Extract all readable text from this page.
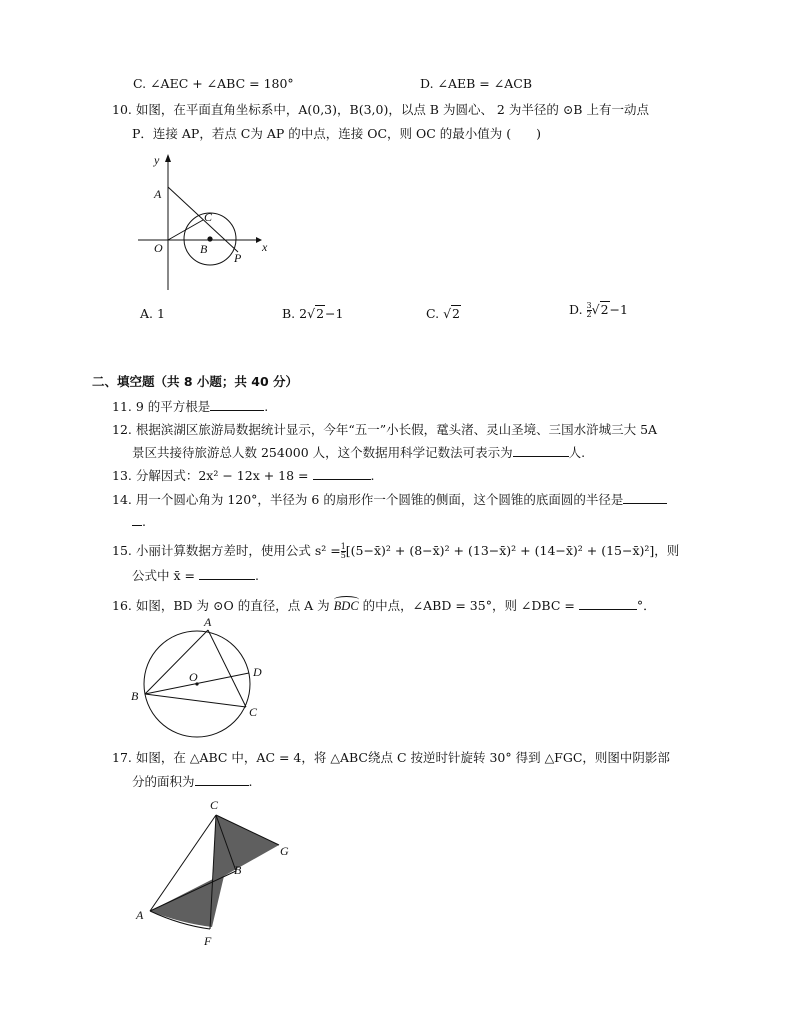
C. ∠AEC + ∠ABC = 180°	D. ∠AEB = ∠ACB
10. 如图，在平面直角坐标系中，A(0,3)，B(3,0)，以点 B 为圆心、 2 为半径的 ⊙B 上有一动点
P．连接 AP，若点 C为 AP 的中点，连接 OC，则 OC 的最小值为 (　　)
y
x
A
O	B
C
P
A. 1	B. 2√2−1	C. √2	D. $\frac{3}{2} √2-1$
二、填空题（共 8 小题；共 40 分）
11. 9 的平方根是	.
12. 根据滨湖区旅游局数据统计显示，今年“五一”小长假，鼋头渚、灵山圣境、三国水浒城三大 5A
景区共接待旅游总人数 254000 人，这个数据用科学记数法可表示为	人.
13. 分解因式：2x² − 12x + 18 =	.
14. 用一个圆心角为 120°，半径为 6 的扇形作一个圆锥的侧面，这个圆锥的底面圆的半径是
.
15. 小丽计算数据方差时，使用公式 $s^2 = \frac{1}{5}$ [(5−x̄)² + (8−x̄)² + (13−x̄)² + (14−x̄)² + (15−x̄)²]，则
公式中 x̄ =	.
16. 如图，BD 为 ⊙O 的直径，点 A 为 BDC 的中点，∠ABD = 35°，则 ∠DBC =	°．
A
B
C
D
O
17. 如图，在 △ABC 中，AC = 4，将 △ABC绕点 C 按逆时针旋转 30° 得到 △FGC，则图中阴影部
分的面积为	.
C
G
B
A
F
